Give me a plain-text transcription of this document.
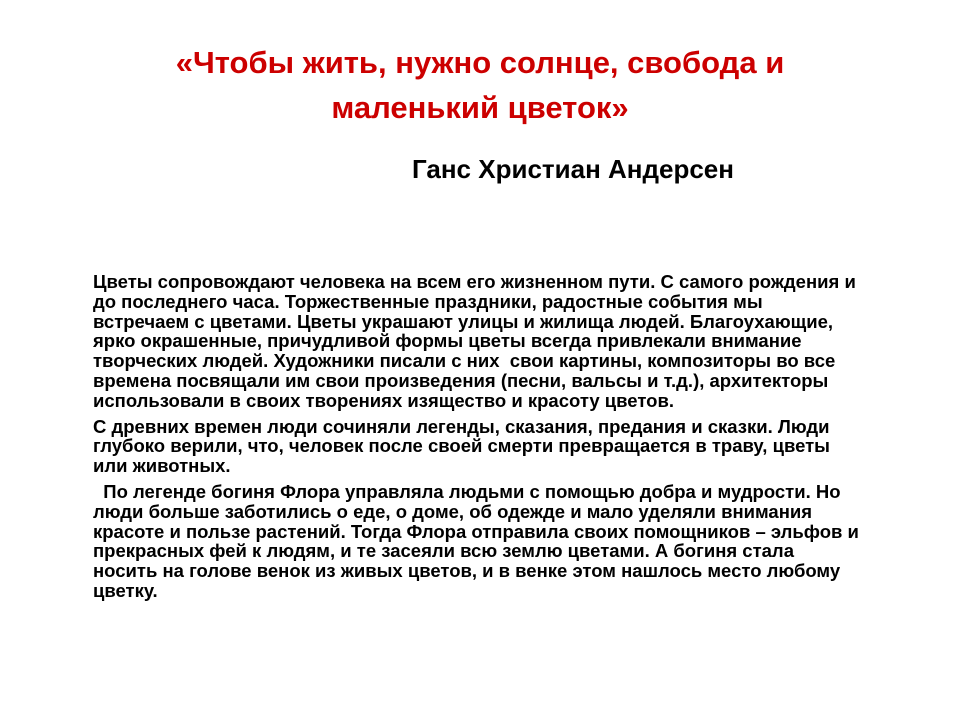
«Чтобы жить, нужно солнце, свобода и
маленький цветок»

Ганс Христиан Андерсен

Цветы сопровождают человека на всем его жизненном пути. С самого рождения и до последнего часа. Торжественные праздники, радостные события мы встречаем с цветами. Цветы украшают улицы и жилища людей. Благоухающие, ярко окрашенные, причудливой формы цветы всегда привлекали внимание творческих людей. Художники писали с них  свои картины, композиторы во все времена посвящали им свои произведения (песни, вальсы и т.д.), архитекторы использовали в своих творениях изящество и красоту цветов.

С древних времен люди сочиняли легенды, сказания, предания и сказки. Люди глубоко верили, что, человек после своей смерти превращается в траву, цветы или животных.

По легенде богиня Флора управляла людьми с помощью добра и мудрости. Но люди больше заботились о еде, о доме, об одежде и мало уделяли внимания красоте и пользе растений. Тогда Флора отправила своих помощников – эльфов и прекрасных фей к людям, и те засеяли всю землю цветами. А богиня стала носить на голове венок из живых цветов, и в венке этом нашлось место любому цветку.
